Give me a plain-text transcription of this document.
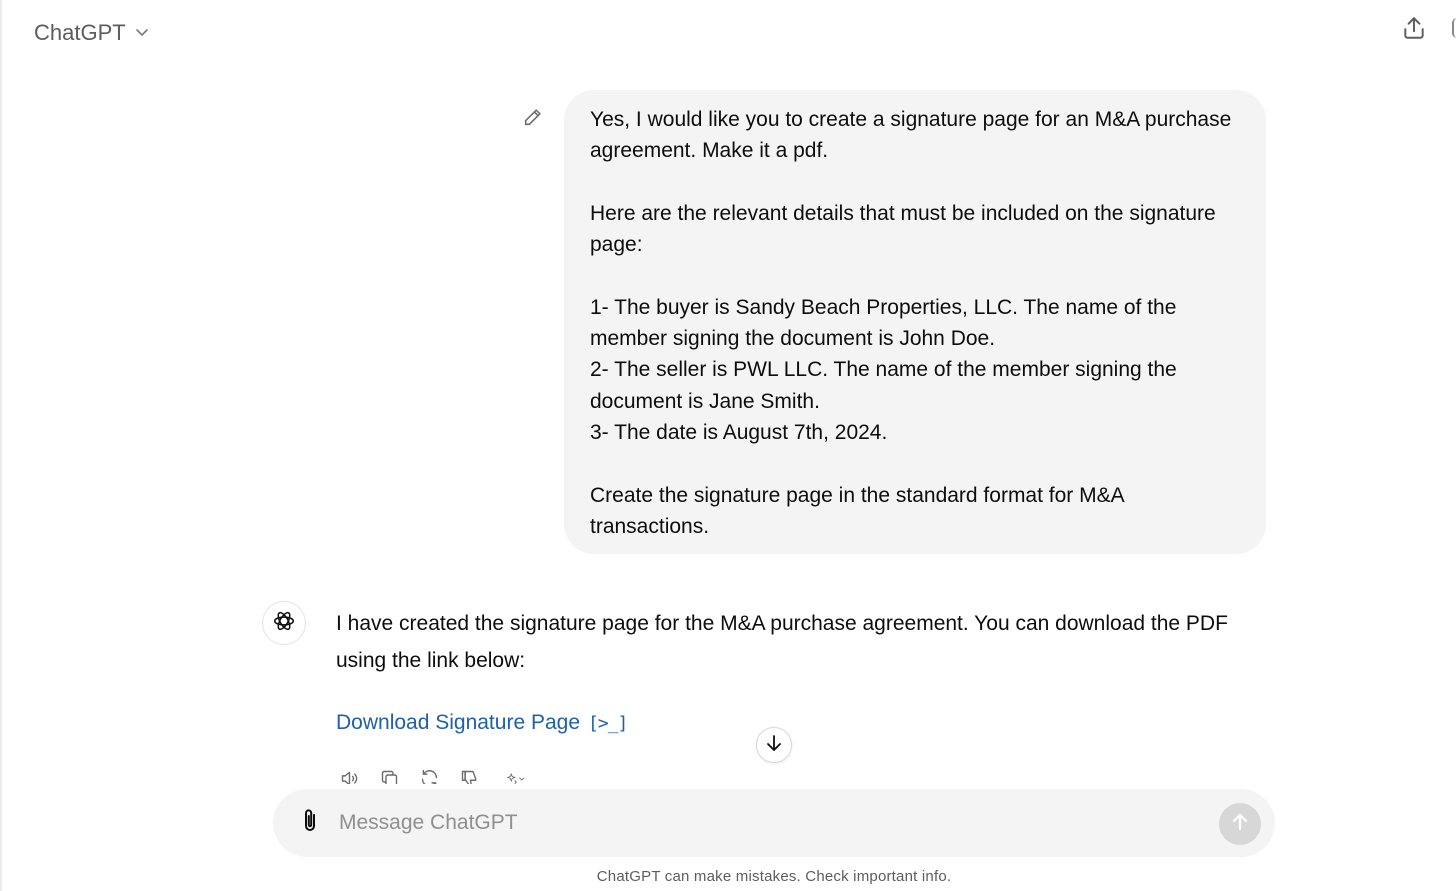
ChatGPT

Yes, I would like you to create a signature page for an M&A purchase agreement. Make it a pdf.

Here are the relevant details that must be included on the signature page:

1- The buyer is Sandy Beach Properties, LLC. The name of the member signing the document is John Doe.
2- The seller is PWL LLC. The name of the member signing the document is Jane Smith.
3- The date is August 7th, 2024.

Create the signature page in the standard format for M&A transactions.

I have created the signature page for the M&A purchase agreement. You can download the PDF using the link below:
Download Signature Page [>_]
Message ChatGPT
ChatGPT can make mistakes. Check important info.
